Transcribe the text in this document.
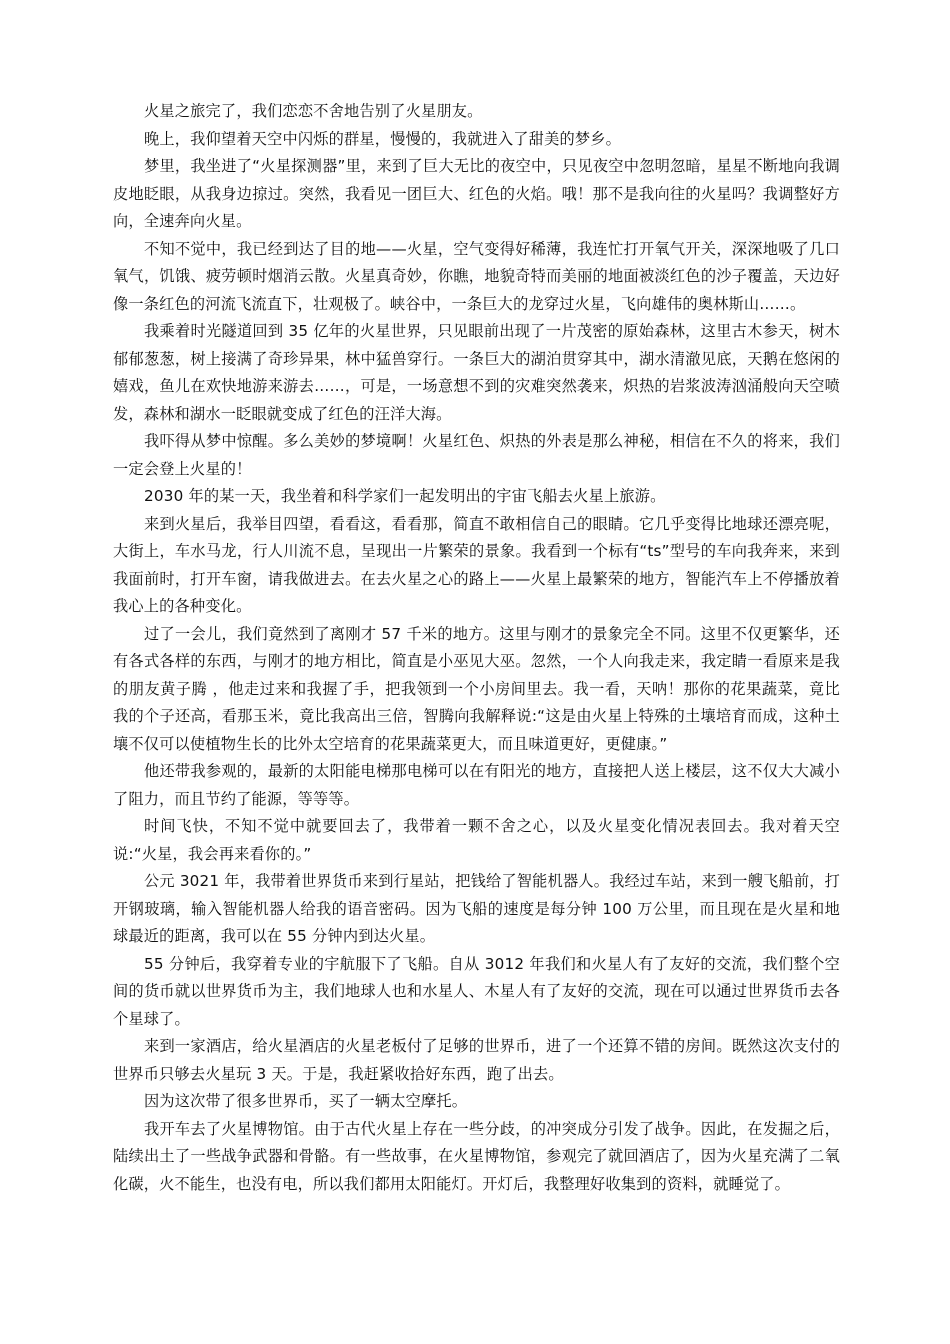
火星之旅完了，我们恋恋不舍地告别了火星朋友。

晚上，我仰望着天空中闪烁的群星，慢慢的，我就进入了甜美的梦乡。

梦里，我坐进了“火星探测器”里，来到了巨大无比的夜空中，只见夜空中忽明忽暗，星星不断地向我调皮地眨眼，从我身边掠过。突然，我看见一团巨大、红色的火焰。哦！那不是我向往的火星吗？我调整好方向，全速奔向火星。

不知不觉中，我已经到达了目的地——火星，空气变得好稀薄，我连忙打开氧气开关，深深地吸了几口氧气，饥饿、疲劳顿时烟消云散。火星真奇妙，你瞧，地貌奇特而美丽的地面被淡红色的沙子覆盖，天边好像一条红色的河流飞流直下，壮观极了。峡谷中，一条巨大的龙穿过火星，飞向雄伟的奥林斯山……。

我乘着时光隧道回到 35 亿年的火星世界，只见眼前出现了一片茂密的原始森林，这里古木参天，树木郁郁葱葱，树上接满了奇珍异果，林中猛兽穿行。一条巨大的湖泊贯穿其中，湖水清澈见底，天鹅在悠闲的嬉戏，鱼儿在欢快地游来游去……，可是，一场意想不到的灾难突然袭来，炽热的岩浆波涛汹涌般向天空喷发，森林和湖水一眨眼就变成了红色的汪洋大海。

我吓得从梦中惊醒。多么美妙的梦境啊！火星红色、炽热的外表是那么神秘，相信在不久的将来，我们一定会登上火星的！

2030 年的某一天，我坐着和科学家们一起发明出的宇宙飞船去火星上旅游。

来到火星后，我举目四望，看看这，看看那，简直不敢相信自己的眼睛。它几乎变得比地球还漂亮呢，大街上，车水马龙，行人川流不息，呈现出一片繁荣的景象。我看到一个标有“ts”型号的车向我奔来，来到我面前时，打开车窗，请我做进去。在去火星之心的路上——火星上最繁荣的地方，智能汽车上不停播放着我心上的各种变化。

过了一会儿，我们竟然到了离刚才 57 千米的地方。这里与刚才的景象完全不同。这里不仅更繁华，还有各式各样的东西，与刚才的地方相比，简直是小巫见大巫。忽然，一个人向我走来，我定睛一看原来是我的朋友黄子腾 ，他走过来和我握了手，把我领到一个小房间里去。我一看，天呐！那你的花果蔬菜，竟比我的个子还高，看那玉米，竟比我高出三倍，智腾向我解释说:“这是由火星上特殊的土壤培育而成，这种土壤不仅可以使植物生长的比外太空培育的花果蔬菜更大，而且味道更好，更健康。”

他还带我参观的，最新的太阳能电梯那电梯可以在有阳光的地方，直接把人送上楼层，这不仅大大减小了阻力，而且节约了能源，等等等。

时间飞快，不知不觉中就要回去了，我带着一颗不舍之心，以及火星变化情况表回去。我对着天空说:“火星，我会再来看你的。”

公元 3021 年，我带着世界货币来到行星站，把钱给了智能机器人。我经过车站，来到一艘飞船前，打开钢玻璃，输入智能机器人给我的语音密码。因为飞船的速度是每分钟 100 万公里，而且现在是火星和地球最近的距离，我可以在 55 分钟内到达火星。

55 分钟后，我穿着专业的宇航服下了飞船。自从 3012 年我们和火星人有了友好的交流，我们整个空间的货币就以世界货币为主，我们地球人也和水星人、木星人有了友好的交流，现在可以通过世界货币去各个星球了。

来到一家酒店，给火星酒店的火星老板付了足够的世界币，进了一个还算不错的房间。既然这次支付的世界币只够去火星玩 3 天。于是，我赶紧收拾好东西，跑了出去。

因为这次带了很多世界币，买了一辆太空摩托。

我开车去了火星博物馆。由于古代火星上存在一些分歧，的冲突成分引发了战争。因此，在发掘之后，陆续出土了一些战争武器和骨骼。有一些故事，在火星博物馆，参观完了就回酒店了，因为火星充满了二氧化碳，火不能生，也没有电，所以我们都用太阳能灯。开灯后，我整理好收集到的资料，就睡觉了。
